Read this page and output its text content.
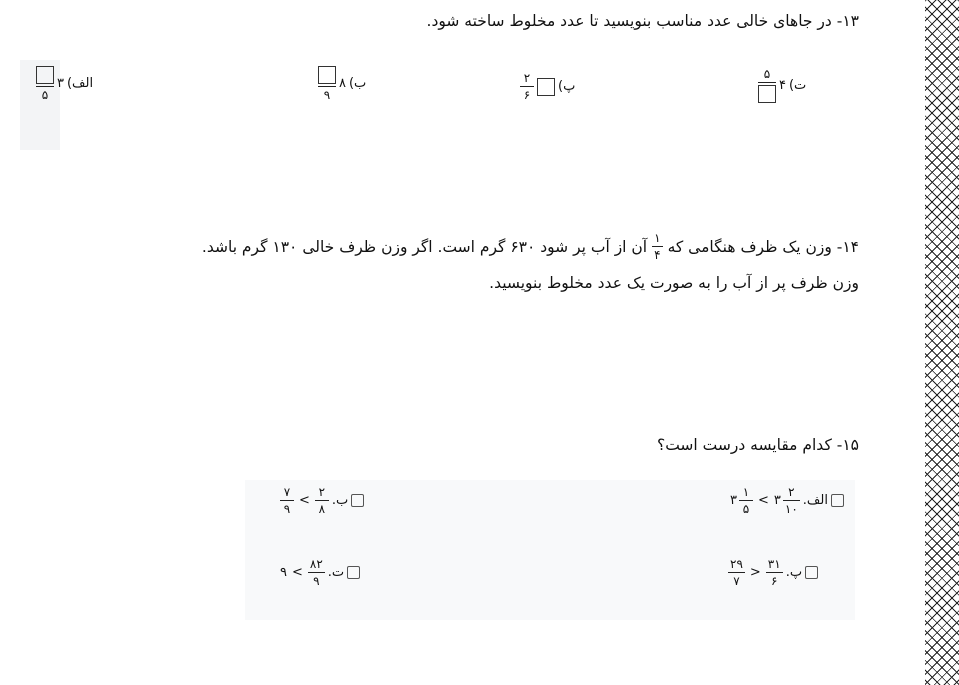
۱۳- در جاهای خالی عدد مناسب بنویسید تا عدد مخلوط ساخته شود.
الف)
۳
۵
ب)
۸
۹
پ)
$\frac{۲}{۶}$	ت)
۴
۵
۱۴- وزن یک ظرف هنگامی که
$\frac{۱}{۴}$
آن از آب پر شود ۶۳۰ گرم است. اگر وزن ظرف خالی ۱۳۰ گرم باشد.
وزن ظرف پر از آب را به صورت یک عدد مخلوط بنویسید.
۱۵- کدام مقایسه درست است؟
الف.
۳ $\frac{۱}{۵}$ < ۳ $\frac{۲}{۱۰}$
ب.
$\frac{۷}{۹} < \frac{۲}{۸}$
پ.
$\frac{۲۹}{۷} > \frac{۳۱}{۶}$
ت.
۹ < $\frac{۸۲}{۹}$
